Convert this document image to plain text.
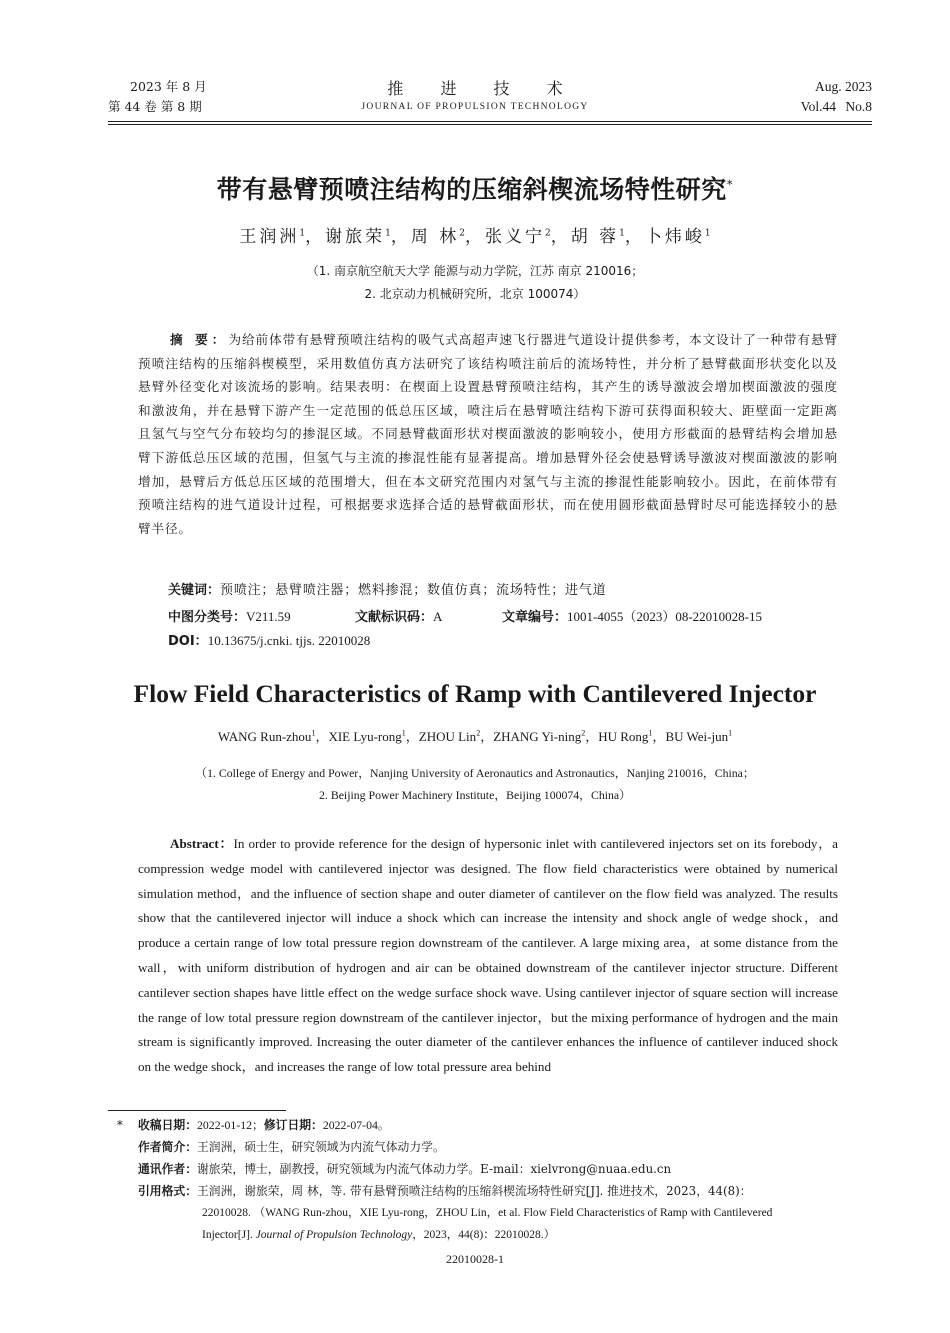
2023 年 8 月
第 44 卷 第 8 期
推 进 技 术
JOURNAL OF PROPULSION TECHNOLOGY
Aug. 2023
Vol.44 No.8
带有悬臂预喷注结构的压缩斜楔流场特性研究*
王润洲$^1$，谢旅荣$^1$，周 林$^2$，张义宁$^2$，胡 蓉$^1$，卜炜峻$^1$
（1. 南京航空航天大学 能源与动力学院，江苏 南京 210016；
2. 北京动力机械研究所，北京 100074）
摘 要：为给前体带有悬臂预喷注结构的吸气式高超声速飞行器进气道设计提供参考，本文设计了一种带有悬臂预喷注结构的压缩斜楔模型，采用数值仿真方法研究了该结构喷注前后的流场特性，并分析了悬臂截面形状变化以及悬臂外径变化对该流场的影响。结果表明：在楔面上设置悬臂预喷注结构，其产生的诱导激波会增加楔面激波的强度和激波角，并在悬臂下游产生一定范围的低总压区域，喷注后在悬臂喷注结构下游可获得面积较大、距壁面一定距离且氢气与空气分布较均匀的掺混区域。不同悬臂截面形状对楔面激波的影响较小，使用方形截面的悬臂结构会增加悬臂下游低总压区域的范围，但氢气与主流的掺混性能有显著提高。增加悬臂外径会使悬臂诱导激波对楔面激波的影响增加，悬臂后方低总压区域的范围增大，但在本文研究范围内对氢气与主流的掺混性能影响较小。因此，在前体带有预喷注结构的进气道设计过程，可根据要求选择合适的悬臂截面形状，而在使用圆形截面悬臂时尽可能选择较小的悬臂半径。
关键词：预喷注；悬臂喷注器；燃料掺混；数值仿真；流场特性；进气道
中图分类号：V211.59	文献标识码：A	文章编号：1001-4055（2023）08-22010028-15
DOI：10.13675/j.cnki. tjjs. 22010028
Flow Field Characteristics of Ramp with Cantilevered Injector
WANG Run-zhou$^1$，XIE Lyu-rong$^1$，ZHOU Lin$^2$，ZHANG Yi-ning$^2$，HU Rong$^1$，BU Wei-jun$^1$
（1. College of Energy and Power，Nanjing University of Aeronautics and Astronautics，Nanjing 210016，China；
2. Beijing Power Machinery Institute，Beijing 100074，China）
Abstract：In order to provide reference for the design of hypersonic inlet with cantilevered injectors set on its forebody，a compression wedge model with cantilevered injector was designed. The flow field characteristics were obtained by numerical simulation method，and the influence of section shape and outer diameter of cantilever on the flow field was analyzed. The results show that the cantilevered injector will induce a shock which can increase the intensity and shock angle of wedge shock，and produce a certain range of low total pressure region downstream of the cantilever. A large mixing area，at some distance from the wall，with uniform distribution of hydrogen and air can be obtained downstream of the cantilever injector structure. Different cantilever section shapes have little effect on the wedge surface shock wave. Using cantilever injector of square section will increase the range of low total pressure region downstream of the cantilever injector，but the mixing performance of hydrogen and the main stream is significantly improved. Increasing the outer diameter of the cantilever enhances the influence of cantilever induced shock on the wedge shock，and increases the range of low total pressure area behind
* 收稿日期：2022-01-12；修订日期：2022-07-04。
作者简介：王润洲，硕士生，研究领域为内流气体动力学。
通讯作者：谢旅荣，博士，副教授，研究领域为内流气体动力学。E-mail：xielvrong@nuaa.edu.cn
引用格式：王润洲，谢旅荣，周 林，等. 带有悬臂预喷注结构的压缩斜楔流场特性研究[J]. 推进技术，2023，44(8)：
22010028. （WANG Run-zhou，XIE Lyu-rong，ZHOU Lin，et al. Flow Field Characteristics of Ramp with Cantilevered
Injector[J]. Journal of Propulsion Technology，2023，44(8)：22010028.）
22010028-1
